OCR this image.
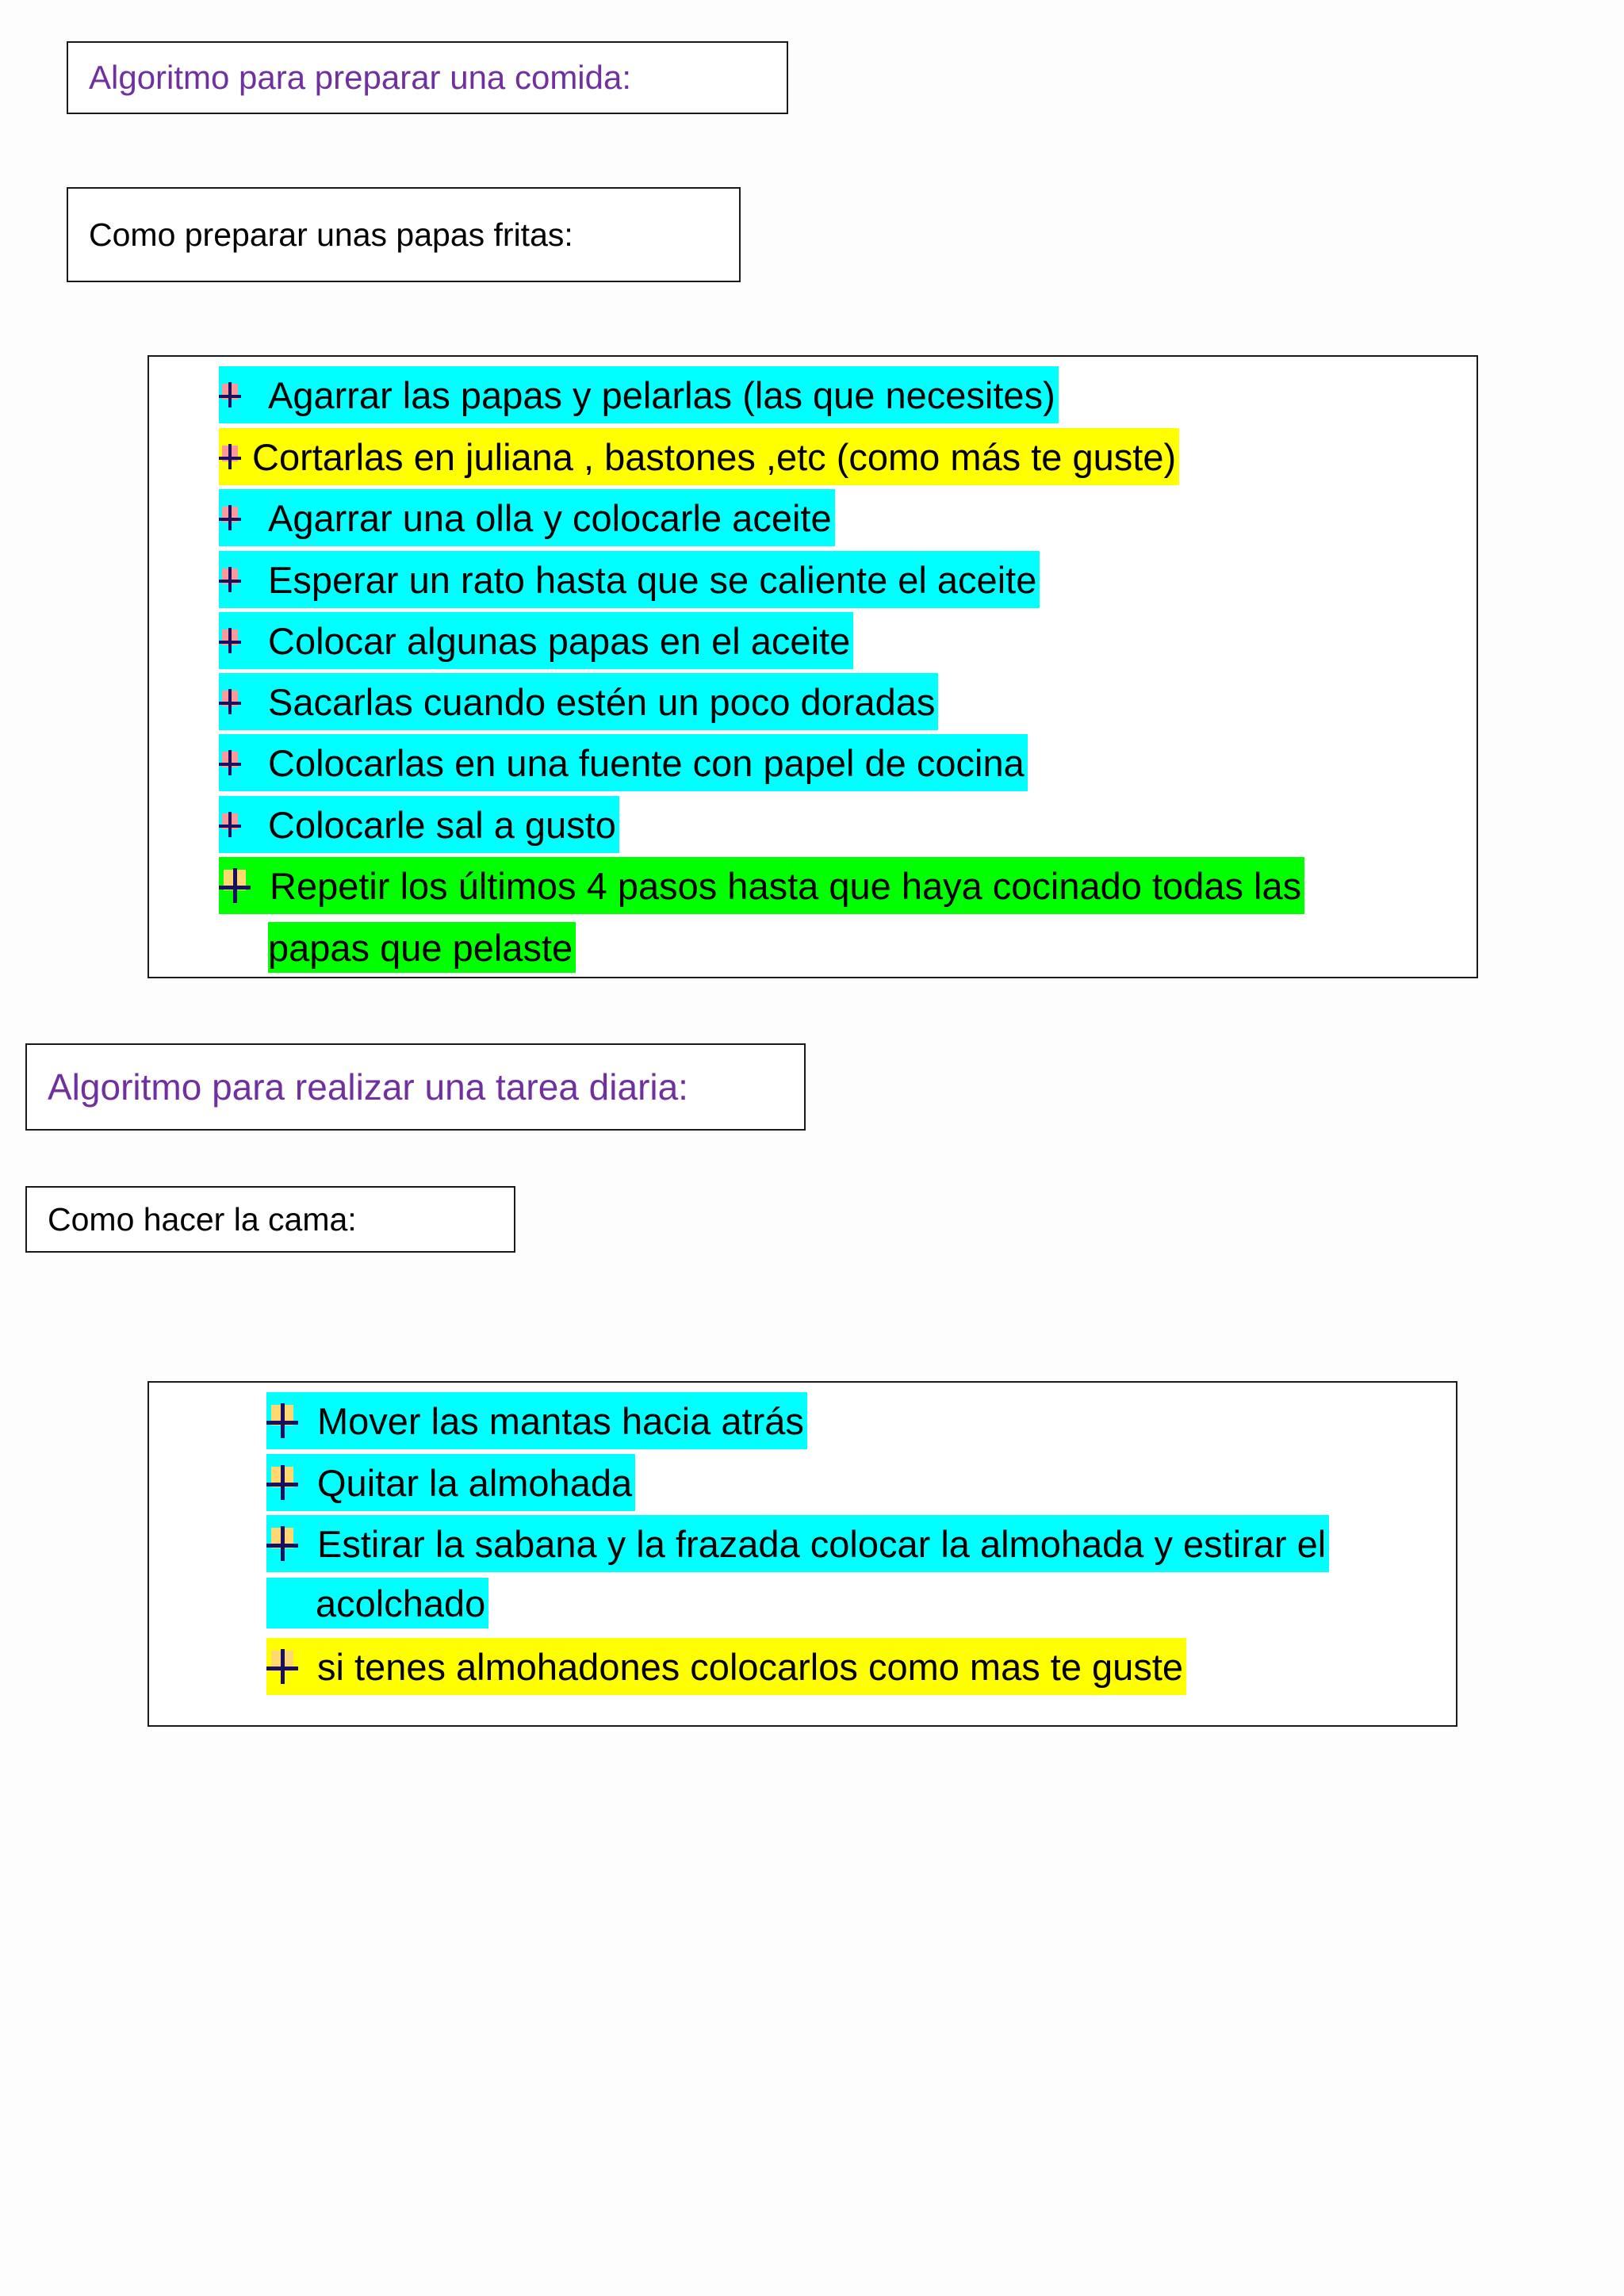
Algoritmo para preparar una comida:
Como preparar unas papas fritas:
Agarrar las papas y pelarlas (las que necesites)
Cortarlas en juliana , bastones ,etc (como más te guste)
Agarrar una olla y colocarle aceite
Esperar un rato hasta que se caliente el aceite
Colocar algunas papas en el aceite
Sacarlas cuando estén un poco doradas
Colocarlas en una fuente con papel de cocina
Colocarle sal a gusto
Repetir los últimos 4 pasos hasta que haya cocinado todas las
papas que pelaste
Algoritmo para realizar una tarea diaria:
Como hacer la cama:
Mover las mantas hacia atrás
Quitar la almohada
Estirar la sabana y la frazada colocar la almohada y estirar el
acolchado
si tenes almohadones colocarlos como mas te guste
